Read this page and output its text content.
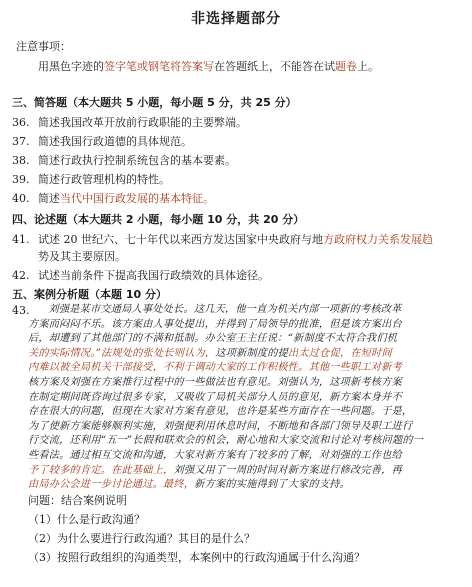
非选择题部分
注意事项：
用黑色字迹的签字笔或钢笔将答案写在答题纸上，不能答在试题卷上。
三、简答题（本大题共 5 小题，每小题 5 分，共 25 分）
36. 简述我国改革开放前行政职能的主要弊端。
37. 简述我国行政道德的具体规范。
38. 简述行政执行控制系统包含的基本要素。
39. 简述行政管理机构的特性。
40. 简述当代中国行政发展的基本特征。
四、论述题（本大题共 2 小题，每小题 10 分，共 20 分）
41. 试述 20 世纪六、七十年代以来西方发达国家中央政府与地方政府权力关系发展趋
势及其主要原因。
42. 试述当前条件下提高我国行政绩效的具体途径。
五、案例分析题（本题 10 分）
43.	刘强是某市交通局人事处处长。这几天，他一直为机关内部一项新的考核改革

方案而闷闷不乐。该方案由人事处提出，并得到了局领导的批准，但是该方案出台

后，却遭到了其他部门的不满和抵制。办公室王主任说：“新制度不太符合我们机

关的实际情况。”法规处的张处长则认为，这项新制度的提出太过仓促，在短时间

内难以被全局机关干部接受，不利于调动大家的工作积极性。其他一些职工对新考

核方案及刘强在方案推行过程中的一些做法也有意见。刘强认为，这项新考核方案

在制定期间既咨询过很多专家，又吸收了局机关部分人员的意见，新方案本身并不

存在很大的问题，但现在大家对方案有意见，也许是某些方面存在一些问题。于是，

为了使新方案能够顺利实施，刘强便利用休息时间，不断地和各部门领导及职工进行

行交流，还利用“五一”长假和联欢会的机会，耐心地和大家交流和讨论对考核问题的一

些看法。通过相互交流和沟通，大家对新方案有了较多的了解，对刘强的工作也给

予了较多的肯定。在此基础上，刘强又用了一周的时间对新方案进行修改完善，再

由局办公会进一步讨论通过。最终，新方案的实施得到了大家的支持。

问题：结合案例说明
（1）什么是行政沟通？
（2）为什么要进行行政沟通？其目的是什么？
（3）按照行政组织的沟通类型，本案例中的行政沟通属于什么沟通？
